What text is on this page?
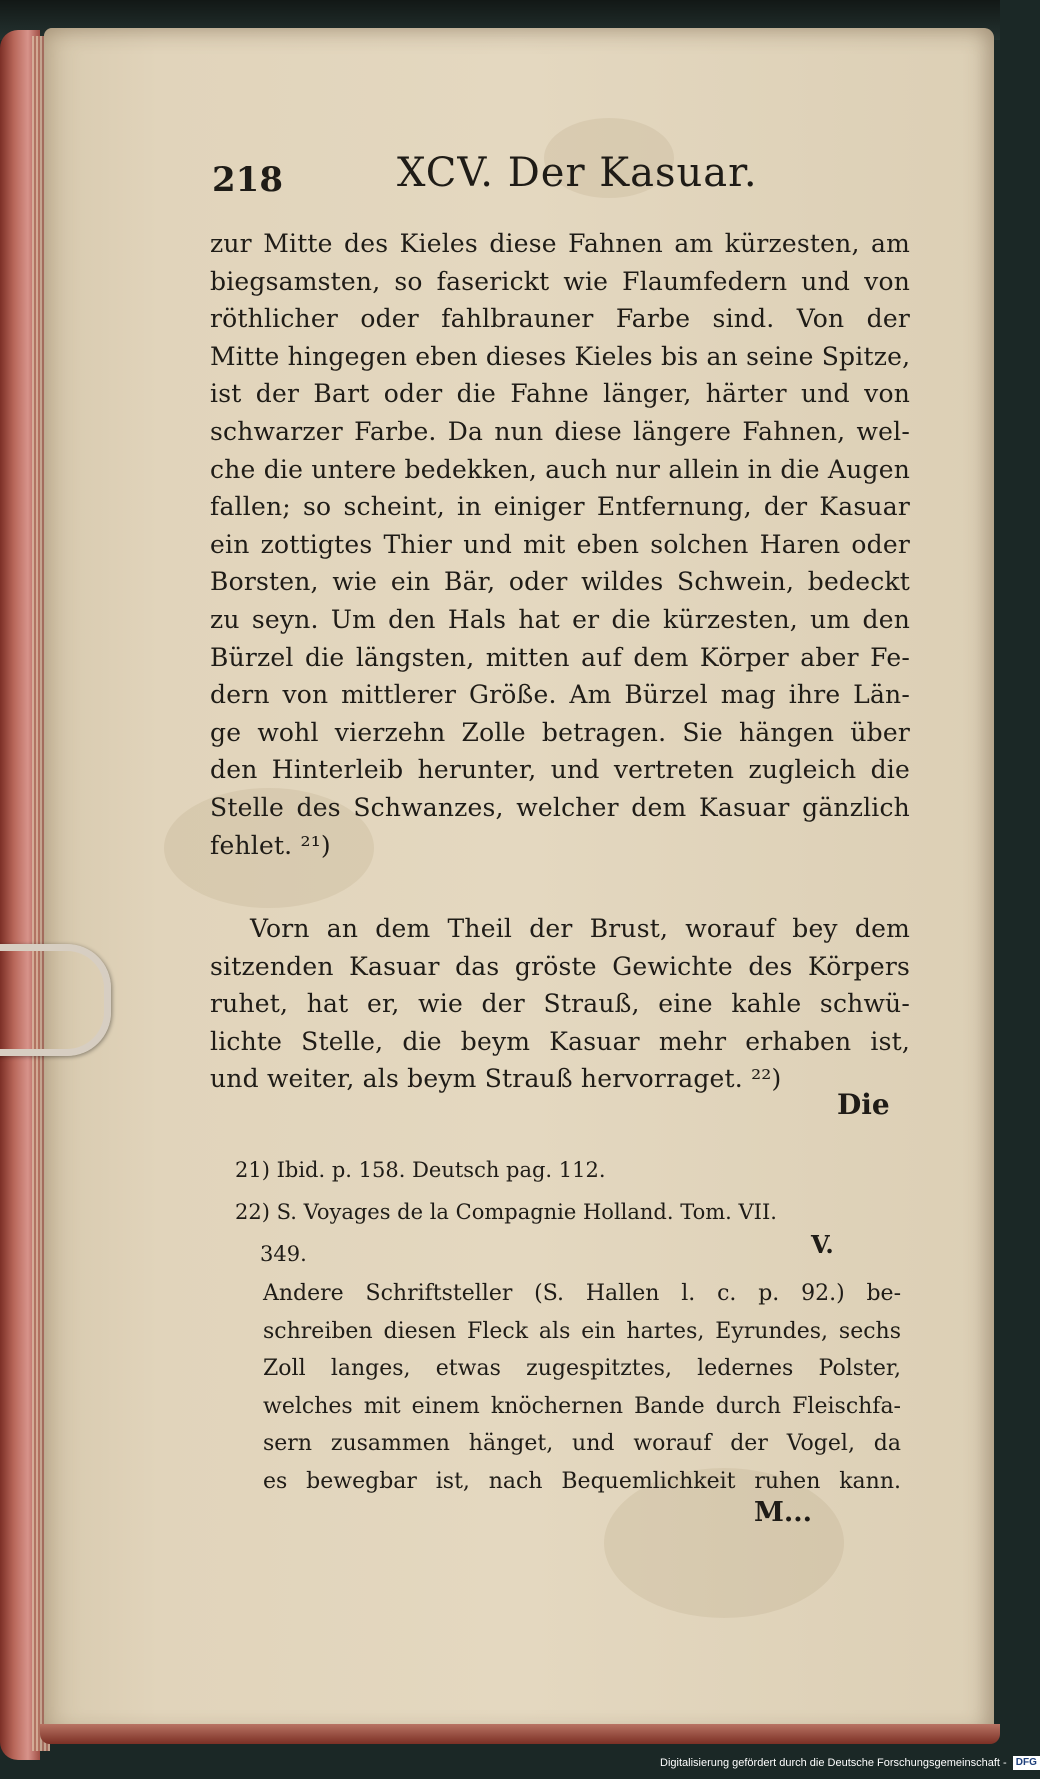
218	XCV. Der Kasuar.
zur Mitte des Kieles diese Fahnen am kürzesten, am
biegsamsten, so faserickt wie Flaumfedern und von
röthlicher oder fahlbrauner Farbe sind. Von der
Mitte hingegen eben dieses Kieles bis an seine Spitze,
ist der Bart oder die Fahne länger, härter und von
schwarzer Farbe. Da nun diese längere Fahnen, wel-
che die untere bedekken, auch nur allein in die Augen
fallen; so scheint, in einiger Entfernung, der Kasuar
ein zottigtes Thier und mit eben solchen Haren oder
Borsten, wie ein Bär, oder wildes Schwein, bedeckt
zu seyn. Um den Hals hat er die kürzesten, um den
Bürzel die längsten, mitten auf dem Körper aber Fe-
dern von mittlerer Größe. Am Bürzel mag ihre Län-
ge wohl vierzehn Zolle betragen. Sie hängen über
den Hinterleib herunter, und vertreten zugleich die
Stelle des Schwanzes, welcher dem Kasuar gänzlich
fehlet. ²¹)
Vorn an dem Theil der Brust, worauf bey dem
sitzenden Kasuar das gröste Gewichte des Körpers
ruhet, hat er, wie der Strauß, eine kahle schwü-
lichte Stelle, die beym Kasuar mehr erhaben ist,
und weiter, als beym Strauß hervorraget. ²²)
Die
21) Ibid. p. 158. Deutsch pag. 112.
22) S. Voyages de la Compagnie Holland. Tom. VII.
349.	V.
Andere Schriftsteller (S. Hallen l. c. p. 92.) be-
schreiben diesen Fleck als ein hartes, Eyrundes, sechs
Zoll langes, etwas zugespitztes, ledernes Polster,
welches mit einem knöchernen Bande durch Fleischfa-
sern zusammen hänget, und worauf der Vogel, da
es bewegbar ist, nach Bequemlichkeit ruhen kann.
M...
Digitalisierung gefördert durch die Deutsche Forschungsgemeinschaft - DFG
